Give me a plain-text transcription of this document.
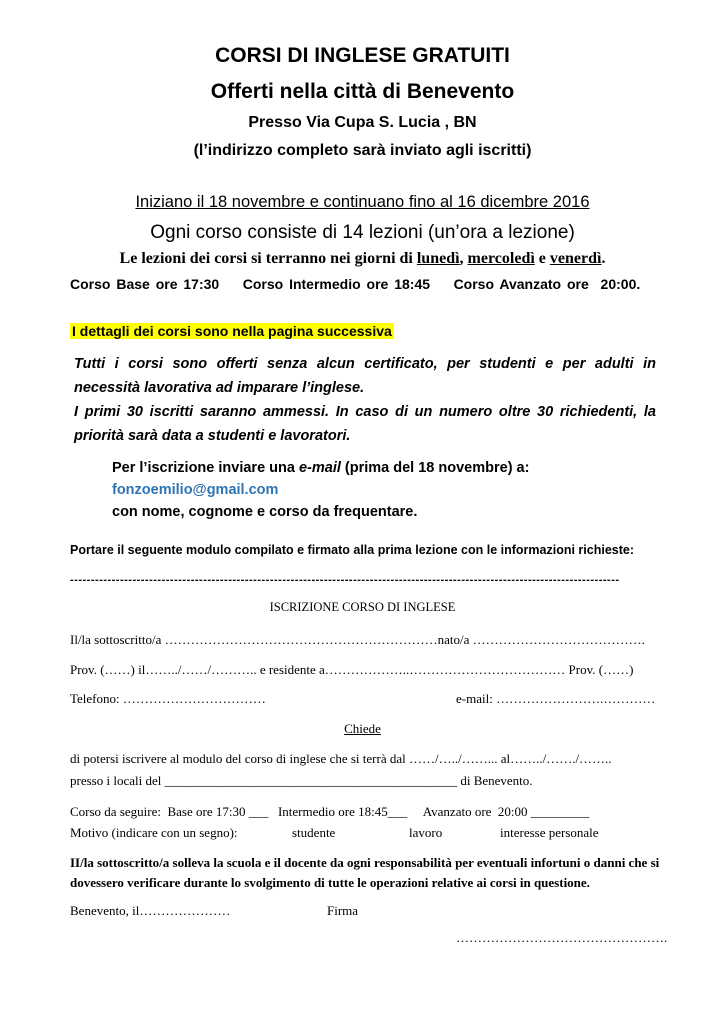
CORSI DI INGLESE GRATUITI
Offerti nella città di Benevento
Presso Via Cupa S. Lucia , BN
(l’indirizzo completo sarà inviato agli iscritti)
Iniziano il 18 novembre e continuano fino al 16 dicembre 2016
Ogni corso consiste di 14 lezioni (un’ora a lezione)
Le lezioni dei corsi si terranno nei giorni di lunedì, mercoledì e venerdì.
Corso Base ore 17:30    Corso Intermedio ore 18:45    Corso Avanzato ore  20:00.
I dettagli dei corsi sono nella pagina successiva
Tutti i corsi sono offerti senza alcun certificato, per studenti e per adulti in
necessità lavorativa ad imparare l’inglese.
I primi 30 iscritti saranno ammessi. In caso di un numero oltre 30 richiedenti, la
priorità sarà data a studenti e lavoratori.
Per l’iscrizione inviare una e-mail (prima del 18 novembre) a:
fonzoemilio@gmail.com
con nome, cognome e corso da frequentare.
Portare il seguente modulo compilato e firmato alla prima lezione con le informazioni richieste:
------------------------------------------------------------------------------------------------------------------------------------
ISCRIZIONE CORSO DI INGLESE
Il/la sottoscritto/a ………………………………………………………nato/a ………………………………….
Prov. (……) il……../……/……….. e residente a………………..……………………………… Prov. (……)
Telefono: ……………………………	e-mail: …………………….…………
Chiede
di potersi iscrivere al modulo del corso di inglese che si terrà dal ……/…../……... al……../……./……..
presso i locali del _____________________________________________ di Benevento.
Corso da seguire:  Base ore 17:30 ___   Intermedio ore 18:45___     Avanzato ore  20:00 _________
Motivo (indicare con un segno):	studente	lavoro	interesse personale
II/la sottoscritto/a solleva la scuola e il docente da ogni responsabilità per eventuali infortuni o danni che si
dovessero verificare durante lo svolgimento di tutte le operazioni relative ai corsi in questione.
Benevento, il…………………	Firma
………………………………………….
